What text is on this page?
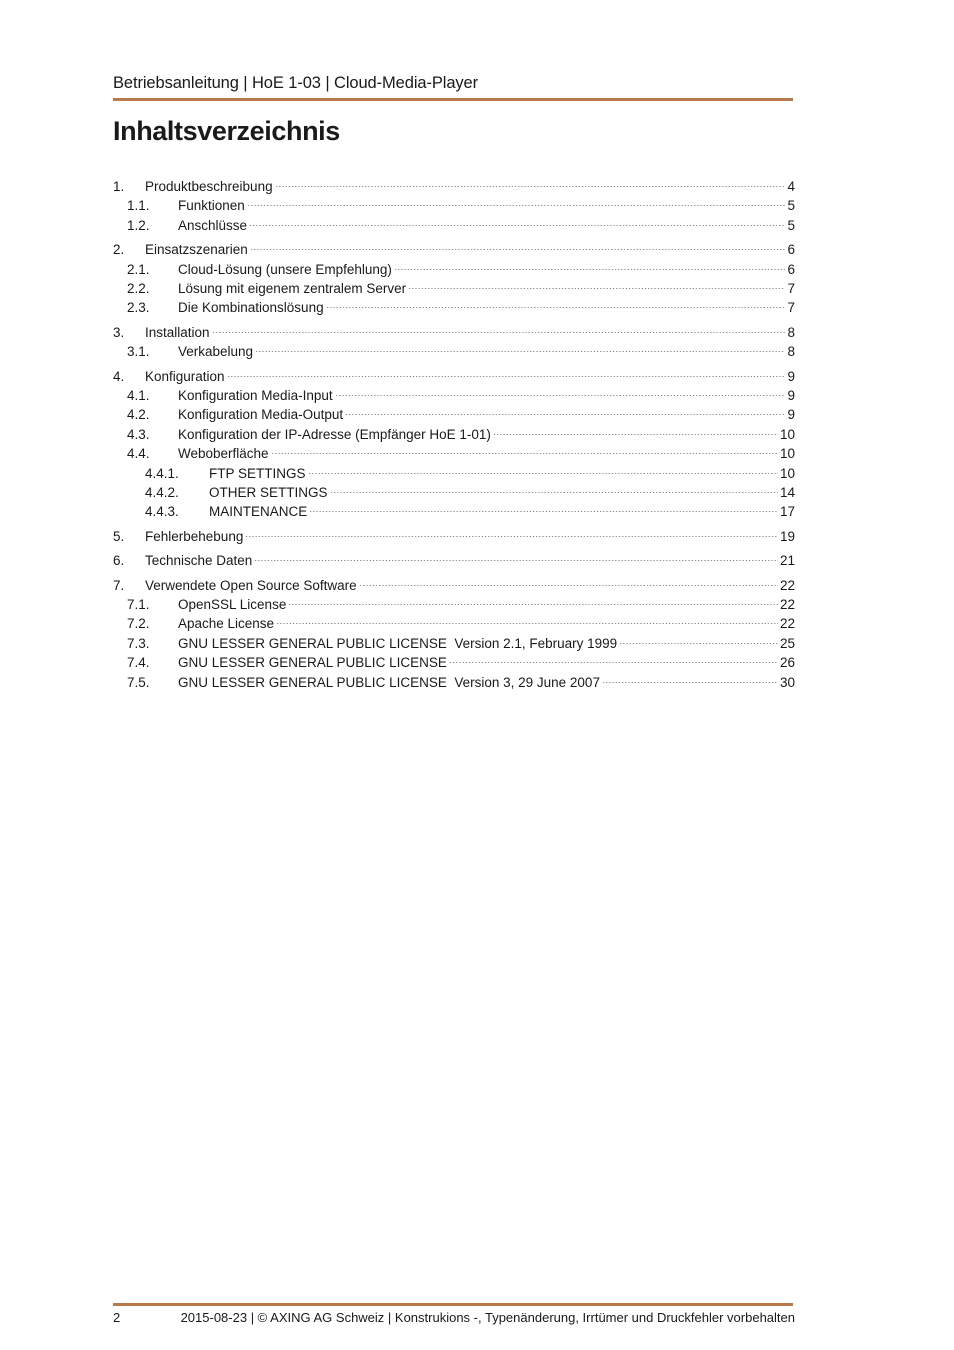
Betriebsanleitung | HoE 1-03 | Cloud-Media-Player
Inhaltsverzeichnis
1.	Produktbeschreibung	4
1.1.	Funktionen	5
1.2.	Anschlüsse	5
2.	Einsatzszenarien	6
2.1.	Cloud-Lösung (unsere Empfehlung)	6
2.2.	Lösung mit eigenem zentralem Server	7
2.3.	Die Kombinationslösung	7
3.	Installation	8
3.1.	Verkabelung	8
4.	Konfiguration	9
4.1.	Konfiguration Media-Input	9
4.2.	Konfiguration Media-Output	9
4.3.	Konfiguration der IP-Adresse (Empfänger HoE 1-01)	10
4.4.	Weboberfläche	10
4.4.1.	FTP SETTINGS	10
4.4.2.	OTHER SETTINGS	14
4.4.3.	MAINTENANCE	17
5.	Fehlerbehebung	19
6.	Technische Daten	21
7.	Verwendete Open Source Software	22
7.1.	OpenSSL License	22
7.2.	Apache License	22
7.3.	GNU LESSER GENERAL PUBLIC LICENSE  Version 2.1, February 1999	25
7.4.	GNU LESSER GENERAL PUBLIC LICENSE	26
7.5.	GNU LESSER GENERAL PUBLIC LICENSE  Version 3, 29 June 2007	30
2	2015-08-23 | © AXING AG Schweiz | Konstrukions -, Typenänderung, Irrtümer und Druckfehler vorbehalten
